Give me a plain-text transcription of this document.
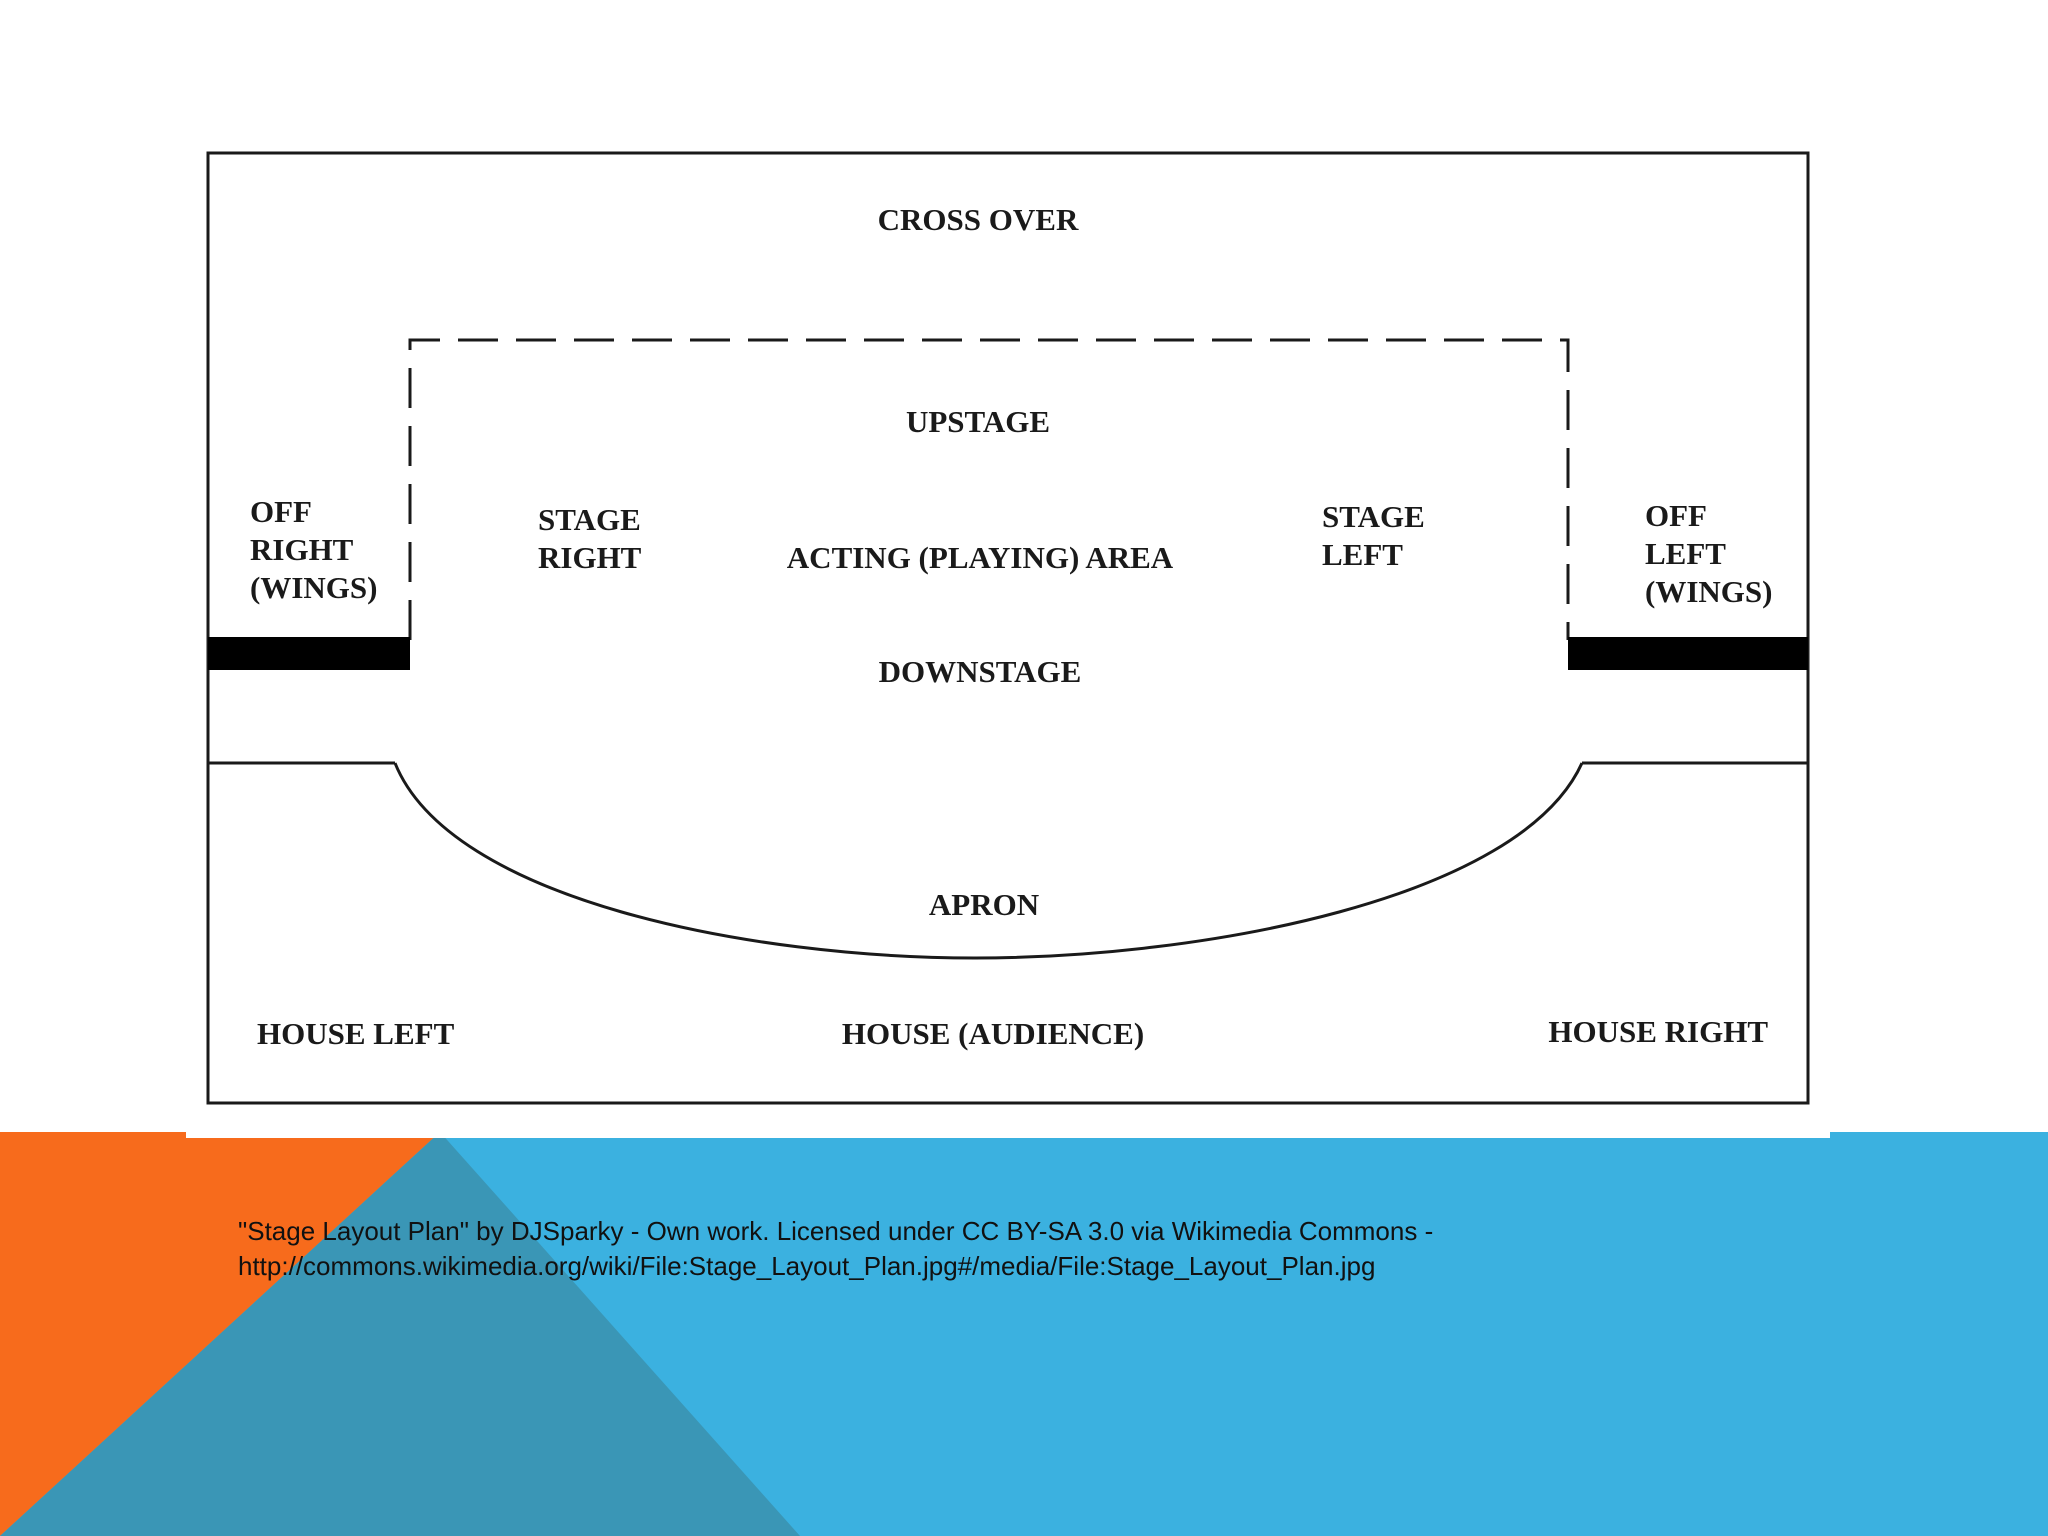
CROSS OVER
UPSTAGE
STAGE RIGHT	ACTING (PLAYING) AREA
STAGE LEFT
OFF RIGHT (WINGS)
OFF LEFT (WINGS)
DOWNSTAGE
APRON
HOUSE LEFT	HOUSE (AUDIENCE)	HOUSE RIGHT

"Stage Layout Plan" by DJSparky - Own work. Licensed under CC BY-SA 3.0 via Wikimedia Commons -
http://commons.wikimedia.org/wiki/File:Stage_Layout_Plan.jpg#/media/File:Stage_Layout_Plan.jpg
